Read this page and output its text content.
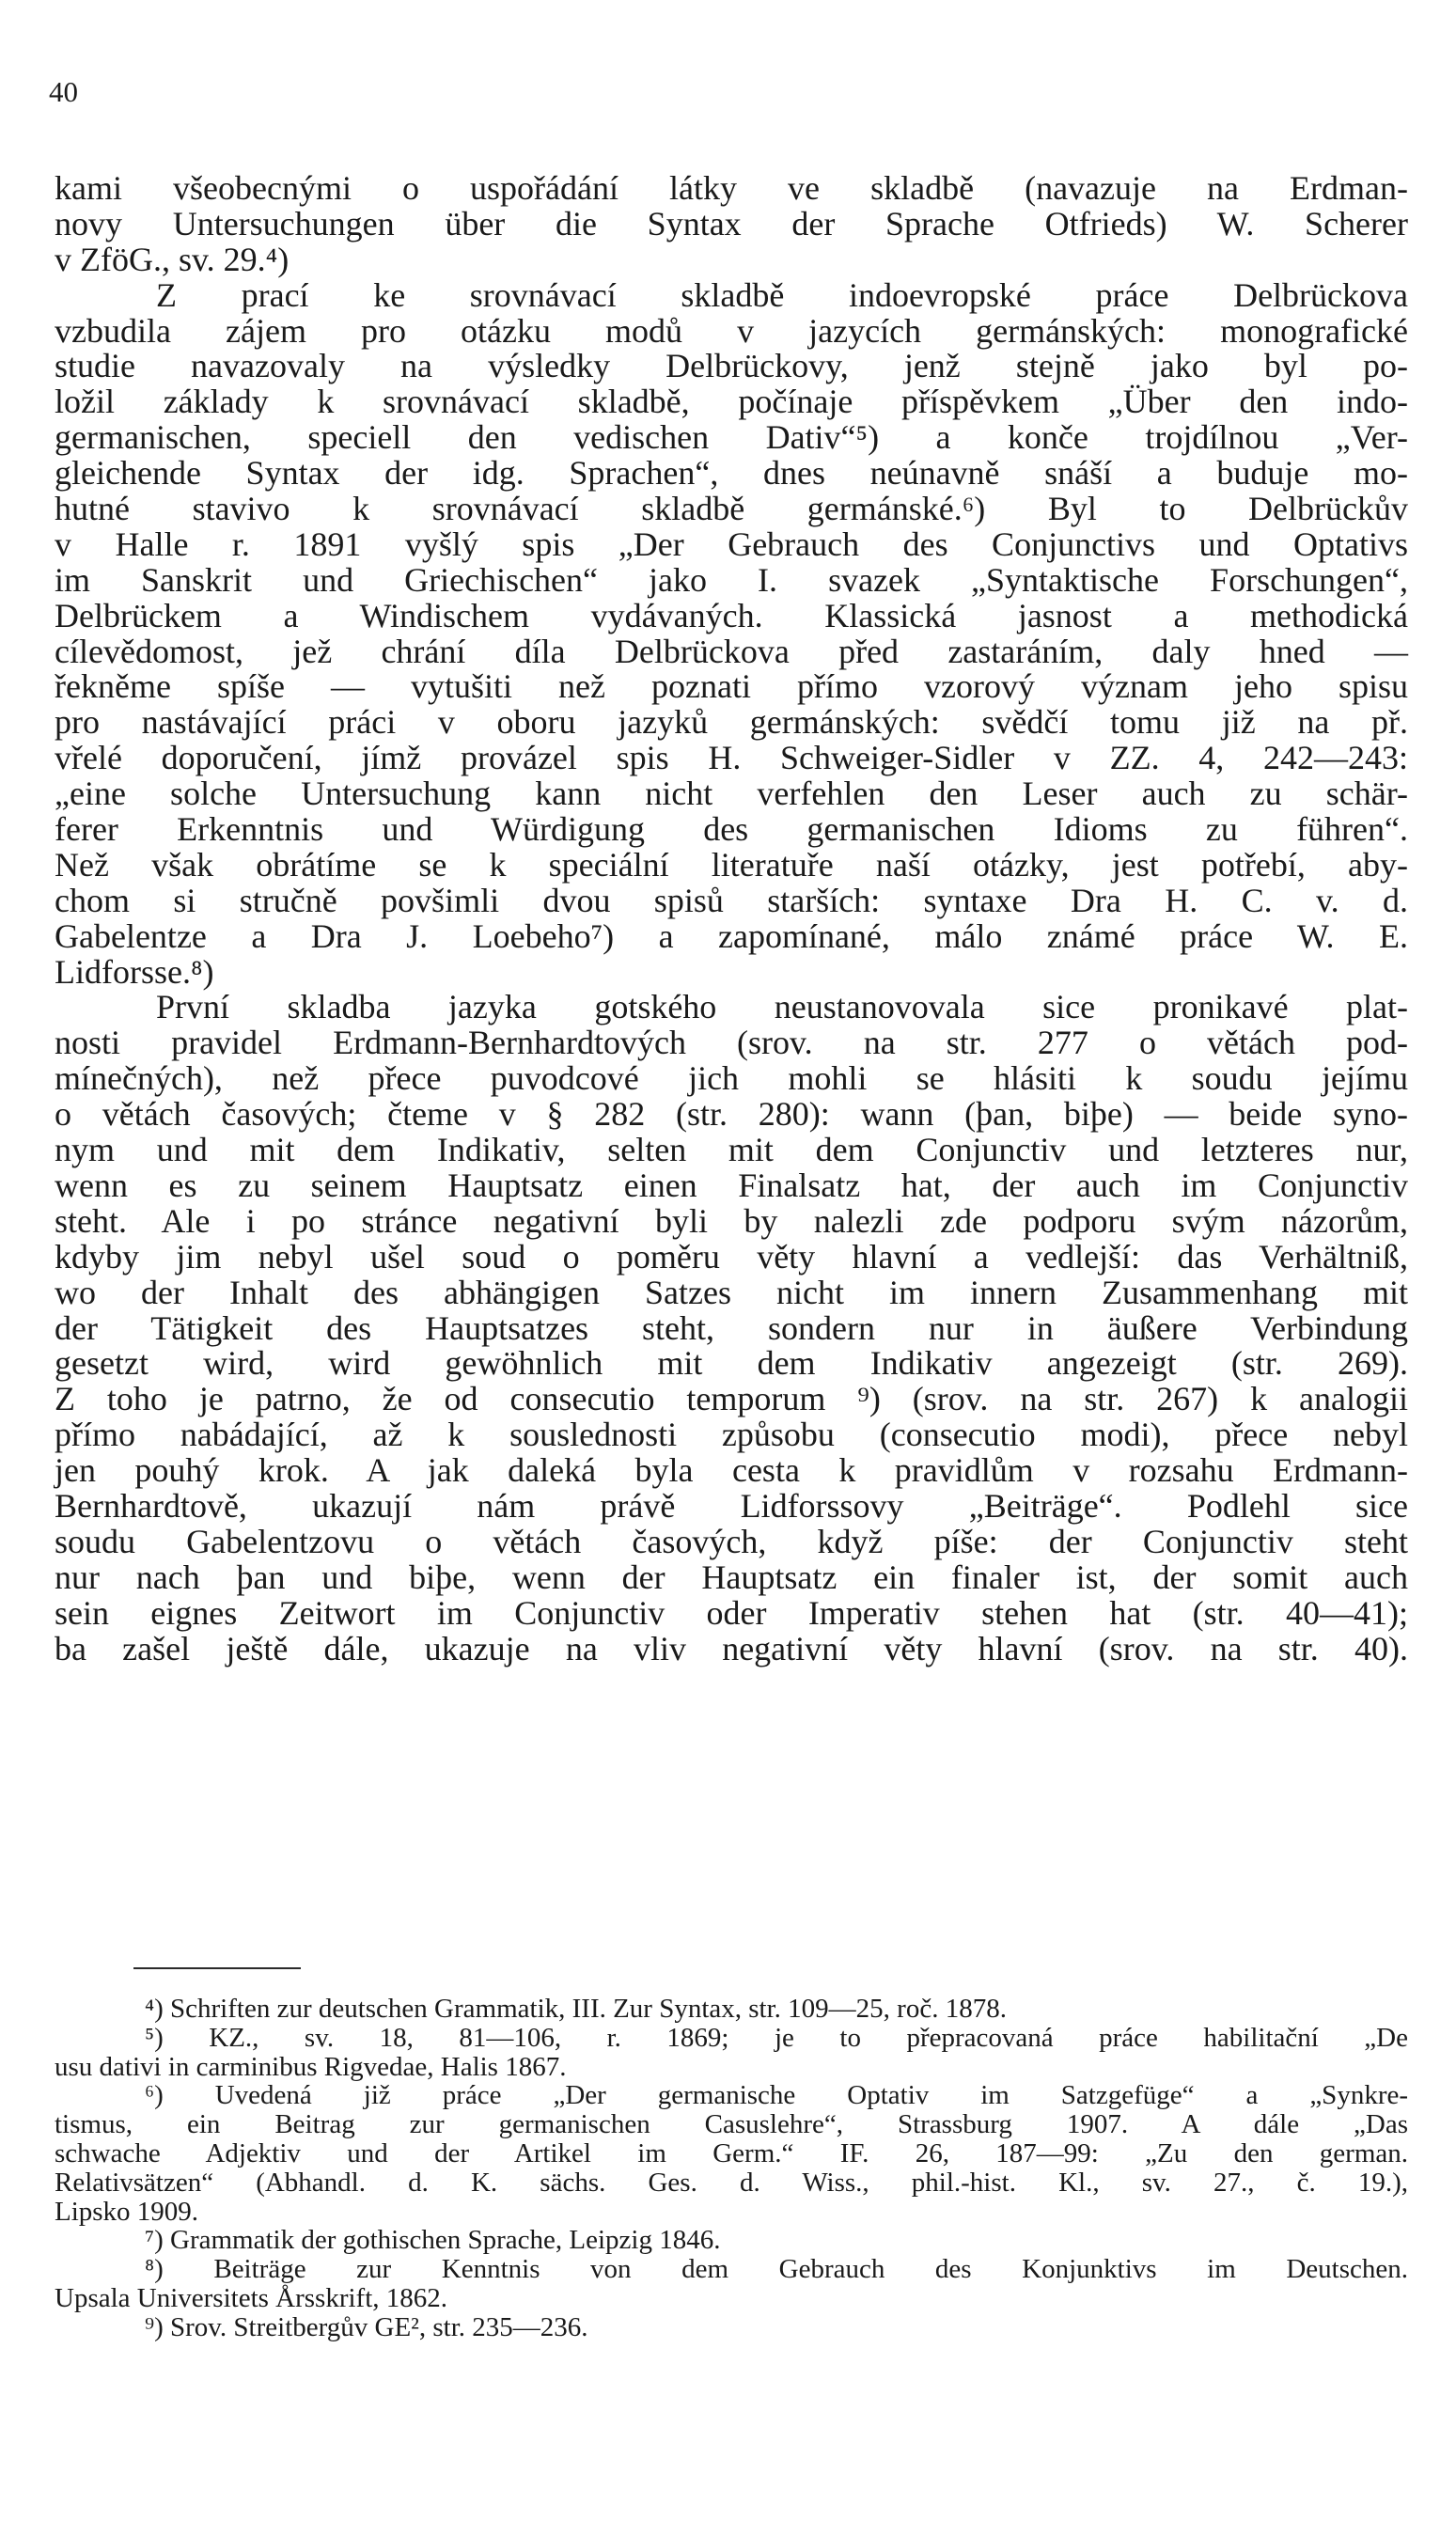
40

kami všeobecnými o uspořádání látky ve skladbě (navazuje na Erdman-
novy Untersuchungen über die Syntax der Sprache Otfrieds) W. Scherer
v ZföG., sv. 29.⁴)
Z prací ke srovnávací skladbě indoevropské práce Delbrückova
vzbudila zájem pro otázku modů v jazycích germánských: monografické
studie navazovaly na výsledky Delbrückovy, jenž stejně jako byl po-
ložil základy k srovnávací skladbě, počínaje příspěvkem „Über den indo-
germanischen, speciell den vedischen Dativ“⁵) a konče trojdílnou „Ver-
gleichende Syntax der idg. Sprachen“, dnes neúnavně snáší a buduje mo-
hutné stavivo k srovnávací skladbě germánské.⁶) Byl to Delbrückův
v Halle r. 1891 vyšlý spis „Der Gebrauch des Conjunctivs und Optativs
im Sanskrit und Griechischen“ jako I. svazek „Syntaktische Forschungen“,
Delbrückem a Windischem vydávaných. Klassická jasnost a methodická
cílevědomost, jež chrání díla Delbrückova před zastaráním, daly hned —
řekněme spíše — vytušiti než poznati přímo vzorový význam jeho spisu
pro nastávající práci v oboru jazyků germánských: svědčí tomu již na př.
vřelé doporučení, jímž provázel spis H. Schweiger-Sidler v ZZ. 4, 242—243:
„eine solche Untersuchung kann nicht verfehlen den Leser auch zu schär-
ferer Erkenntnis und Würdigung des germanischen Idioms zu führen“.
Než však obrátíme se k speciální literatuře naší otázky, jest potřebí, aby-
chom si stručně povšimli dvou spisů starších: syntaxe Dra H. C. v. d.
Gabelentze a Dra J. Loebeho⁷) a zapomínané, málo známé práce W. E.
Lidforsse.⁸)
První skladba jazyka gotského neustanovovala sice pronikavé plat-
nosti pravidel Erdmann-Bernhardtových (srov. na str. 277 o větách pod-
mínečných), než přece puvodcové jich mohli se hlásiti k soudu jejímu
o větách časových; čteme v § 282 (str. 280): wann (þan, biþe) — beide syno-
nym und mit dem Indikativ, selten mit dem Conjunctiv und letzteres nur,
wenn es zu seinem Hauptsatz einen Finalsatz hat, der auch im Conjunctiv
steht. Ale i po stránce negativní byli by nalezli zde podporu svým názorům,
kdyby jim nebyl ušel soud o poměru věty hlavní a vedlejší: das Verhältniß,
wo der Inhalt des abhängigen Satzes nicht im innern Zusammenhang mit
der Tätigkeit des Hauptsatzes steht, sondern nur in äußere Verbindung
gesetzt wird, wird gewöhnlich mit dem Indikativ angezeigt (str. 269).
Z toho je patrno, že od consecutio temporum ⁹) (srov. na str. 267) k analogii
přímo nabádající, až k souslednosti způsobu (consecutio modi), přece nebyl
jen pouhý krok. A jak daleká byla cesta k pravidlům v rozsahu Erdmann-
Bernhardtově, ukazují nám právě Lidforssovy „Beiträge“. Podlehl sice
soudu Gabelentzovu o větách časových, když píše: der Conjunctiv steht
nur nach þan und biþe, wenn der Hauptsatz ein finaler ist, der somit auch
sein eignes Zeitwort im Conjunctiv oder Imperativ stehen hat (str. 40—41);
ba zašel ještě dále, ukazuje na vliv negativní věty hlavní (srov. na str. 40).
⁴) Schriften zur deutschen Grammatik, III. Zur Syntax, str. 109—25, roč. 1878.
⁵) KZ., sv. 18, 81—106, r. 1869; je to přepracovaná práce habilitační „De
usu dativi in carminibus Rigvedae, Halis 1867.
⁶) Uvedená již práce „Der germanische Optativ im Satzgefüge“ a „Synkre-
tismus, ein Beitrag zur germanischen Casuslehre“, Strassburg 1907. A dále „Das
schwache Adjektiv und der Artikel im Germ.“ IF. 26, 187—99: „Zu den german.
Relativsätzen“ (Abhandl. d. K. sächs. Ges. d. Wiss., phil.-hist. Kl., sv. 27., č. 19.),
Lipsko 1909.
⁷) Grammatik der gothischen Sprache, Leipzig 1846.
⁸) Beiträge zur Kenntnis von dem Gebrauch des Konjunktivs im Deutschen.
Upsala Universitets Årsskrift, 1862.
⁹) Srov. Streitbergův GE², str. 235—236.
